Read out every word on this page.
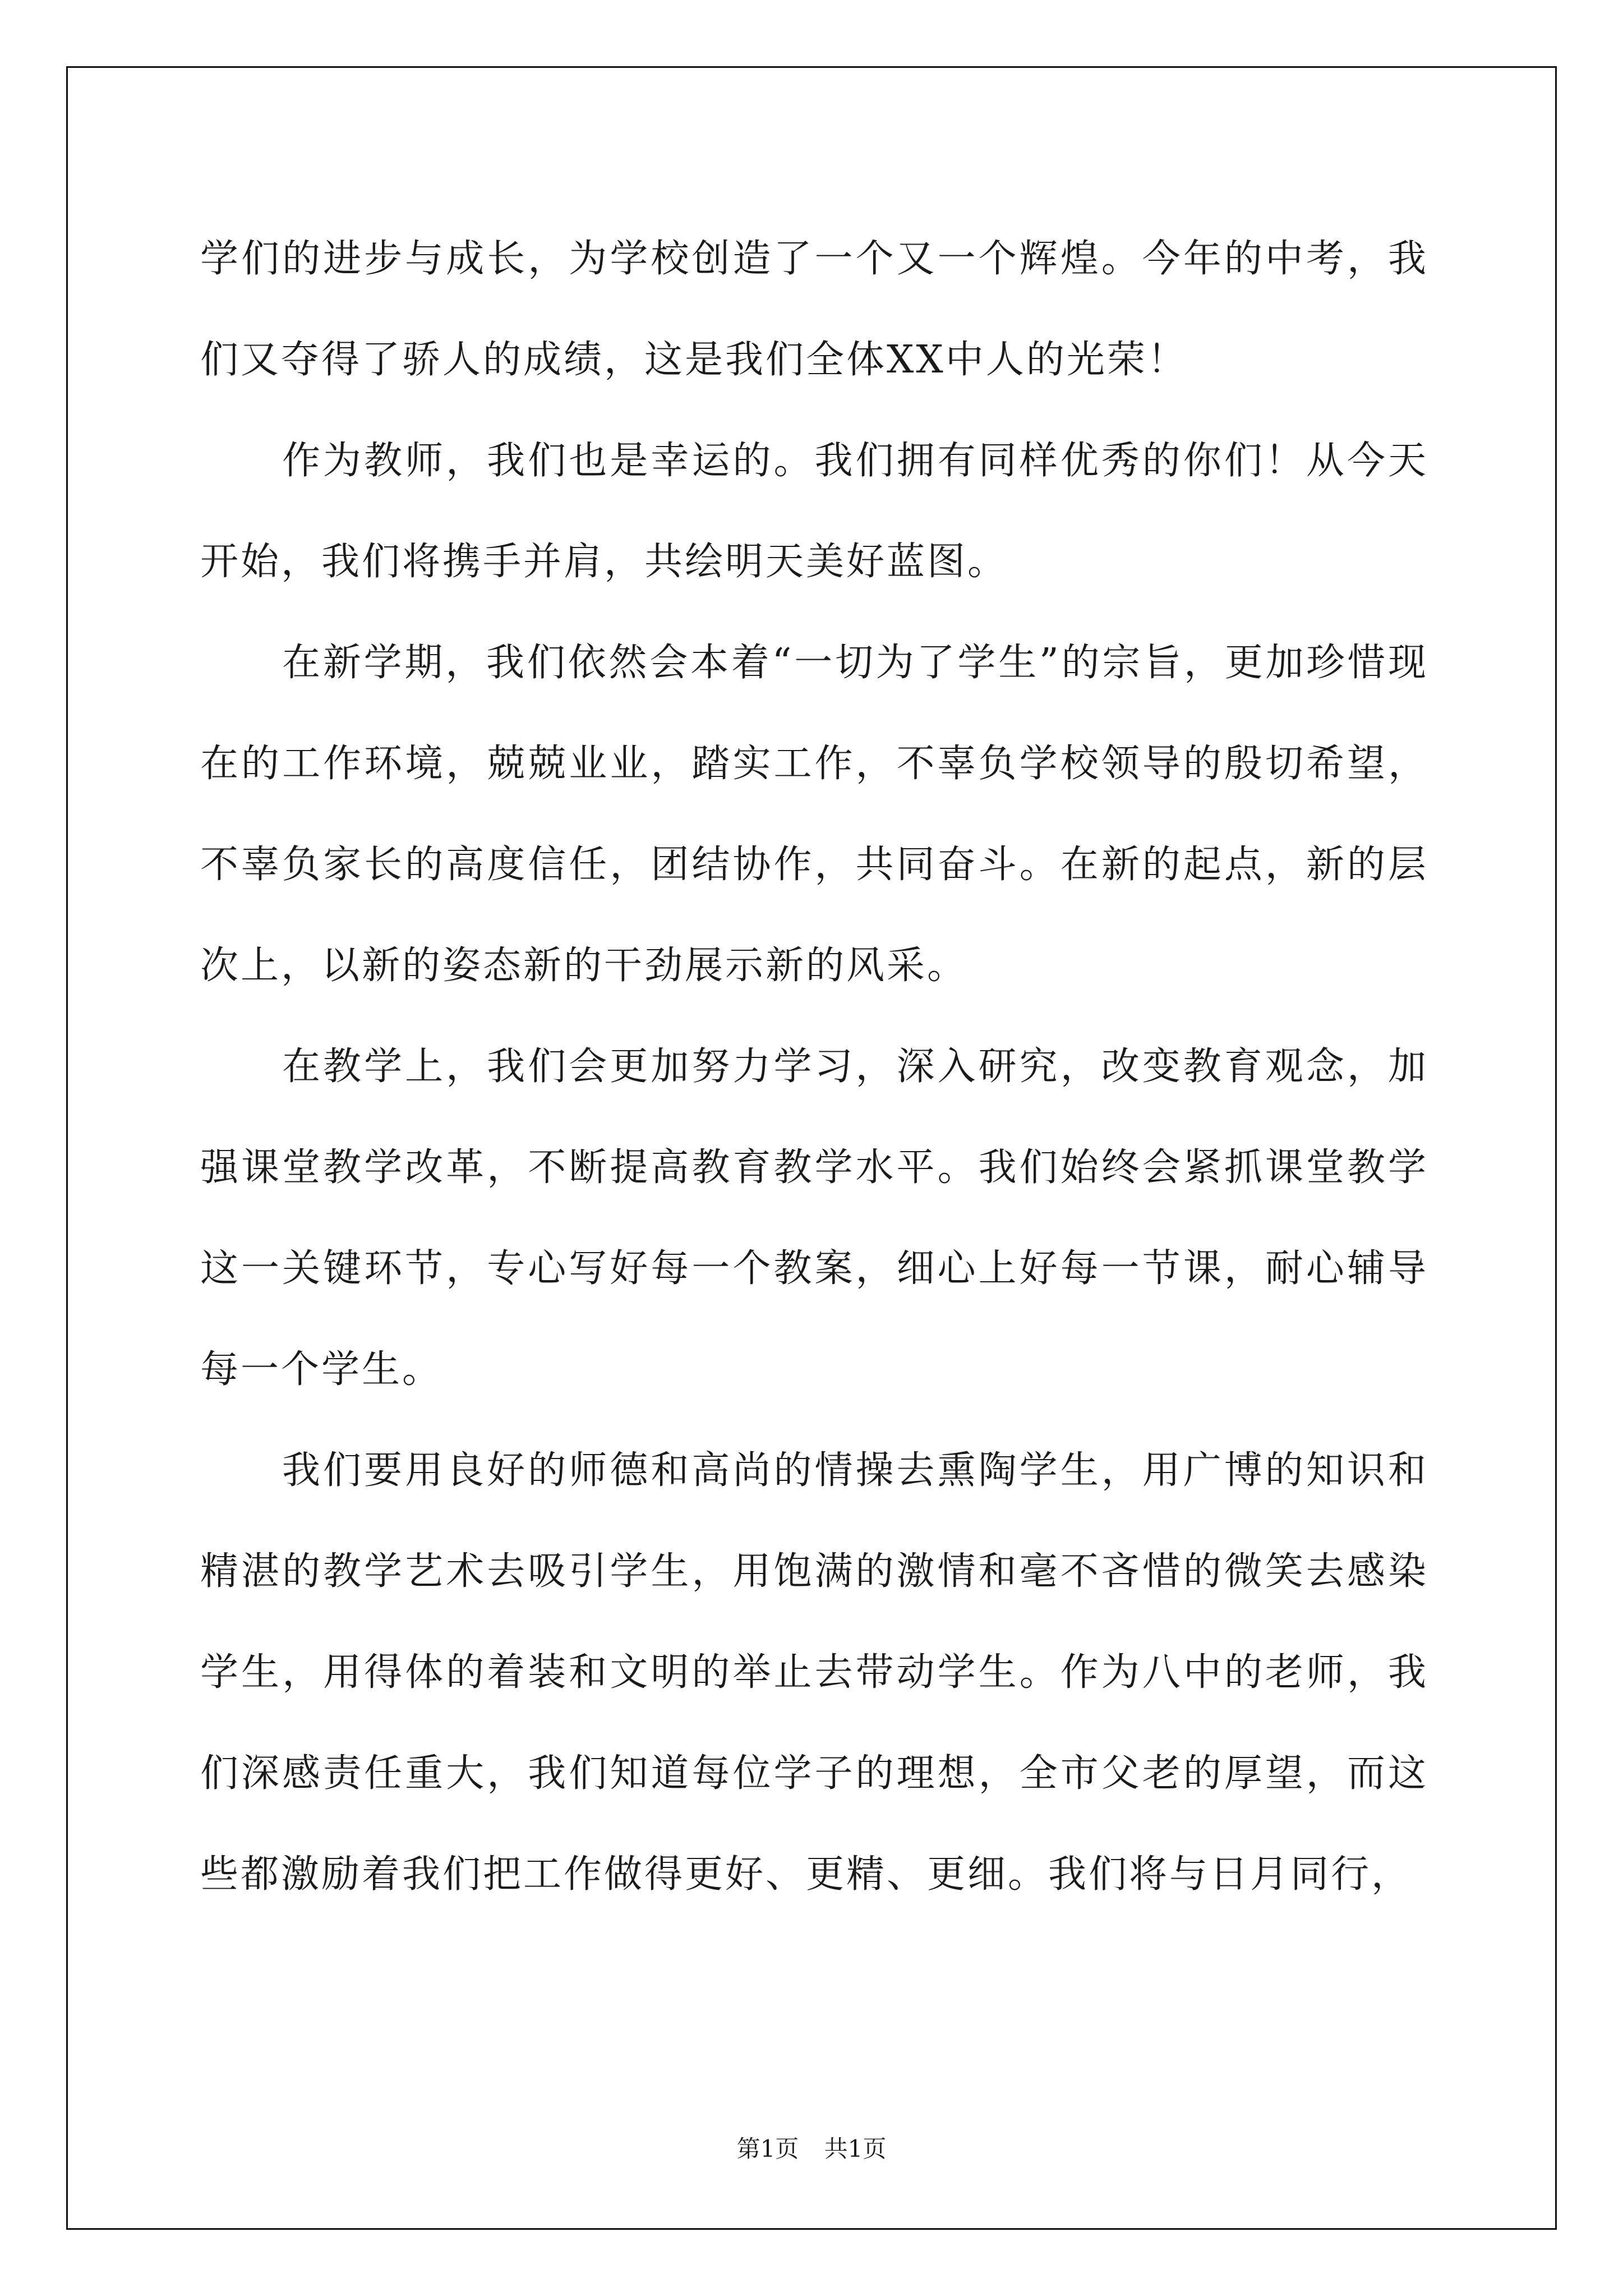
学们的进步与成长，为学校创造了一个又一个辉煌。今年的中考，我们又夺得了骄人的成绩，这是我们全体XX中人的光荣！

作为教师，我们也是幸运的。我们拥有同样优秀的你们！从今天开始，我们将携手并肩，共绘明天美好蓝图。

在新学期，我们依然会本着“一切为了学生”的宗旨，更加珍惜现在的工作环境，兢兢业业，踏实工作，不辜负学校领导的殷切希望，不辜负家长的高度信任，团结协作，共同奋斗。在新的起点，新的层次上，以新的姿态新的干劲展示新的风采。

在教学上，我们会更加努力学习，深入研究，改变教育观念，加强课堂教学改革，不断提高教育教学水平。我们始终会紧抓课堂教学这一关键环节，专心写好每一个教案，细心上好每一节课，耐心辅导每一个学生。

我们要用良好的师德和高尚的情操去熏陶学生，用广博的知识和精湛的教学艺术去吸引学生，用饱满的激情和毫不吝惜的微笑去感染学生，用得体的着装和文明的举止去带动学生。作为八中的老师，我们深感责任重大，我们知道每位学子的理想，全市父老的厚望，而这些都激励着我们把工作做得更好、更精、更细。我们将与日月同行，

第1页 共1页
